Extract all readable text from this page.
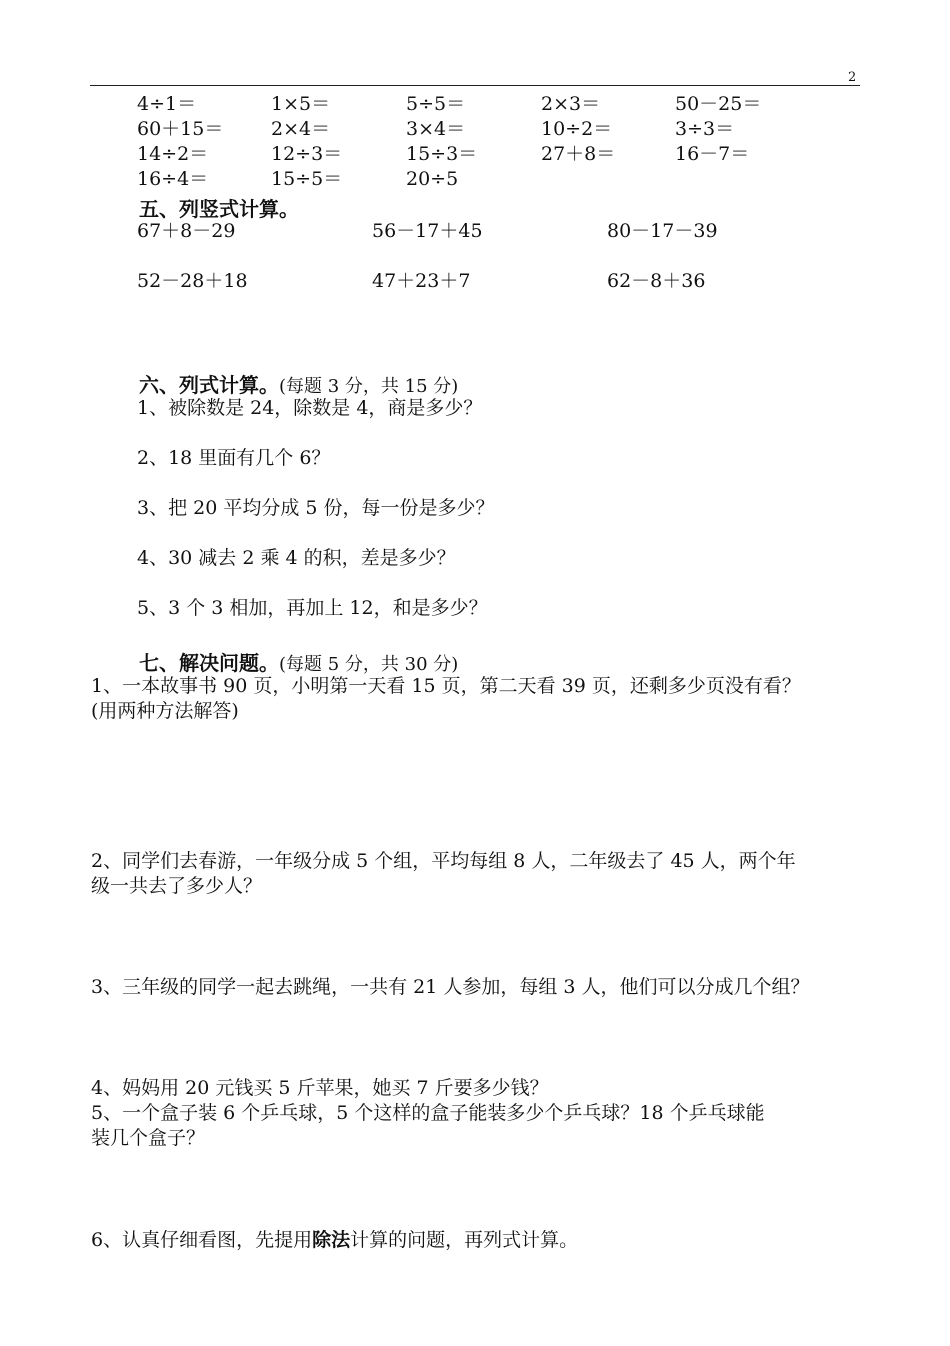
2
4÷1＝	1×5＝	5÷5＝	2×3＝	50－25＝
60＋15＝	2×4＝	3×4＝	10÷2＝	3÷3＝
14÷2＝	12÷3＝	15÷3＝	27＋8＝	16－7＝
16÷4＝	15÷5＝	20÷5
五、列竖式计算。
67＋8－29	56－17＋45	80－17－39
52－28＋18	47＋23＋7	62－8＋36
六、列式计算。(每题 3 分，共 15 分)
1、被除数是 24，除数是 4，商是多少？
2、18 里面有几个 6？
3、把 20 平均分成 5 份，每一份是多少？
4、30 减去 2 乘 4 的积，差是多少？
5、3 个 3 相加，再加上 12，和是多少？
七、解决问题。(每题 5 分，共 30 分)
1、一本故事书 90 页，小明第一天看 15 页，第二天看 39 页，还剩多少页没有看？
(用两种方法解答)
2、同学们去春游，一年级分成 5 个组，平均每组 8 人，二年级去了 45 人，两个年
级一共去了多少人？
3、三年级的同学一起去跳绳，一共有 21 人参加，每组 3 人，他们可以分成几个组？
4、妈妈用 20 元钱买 5 斤苹果，她买 7 斤要多少钱？
5、一个盒子装 6 个乒乓球，5 个这样的盒子能装多少个乒乓球？18 个乒乓球能
装几个盒子？
6、认真仔细看图，先提用除法计算的问题，再列式计算。
